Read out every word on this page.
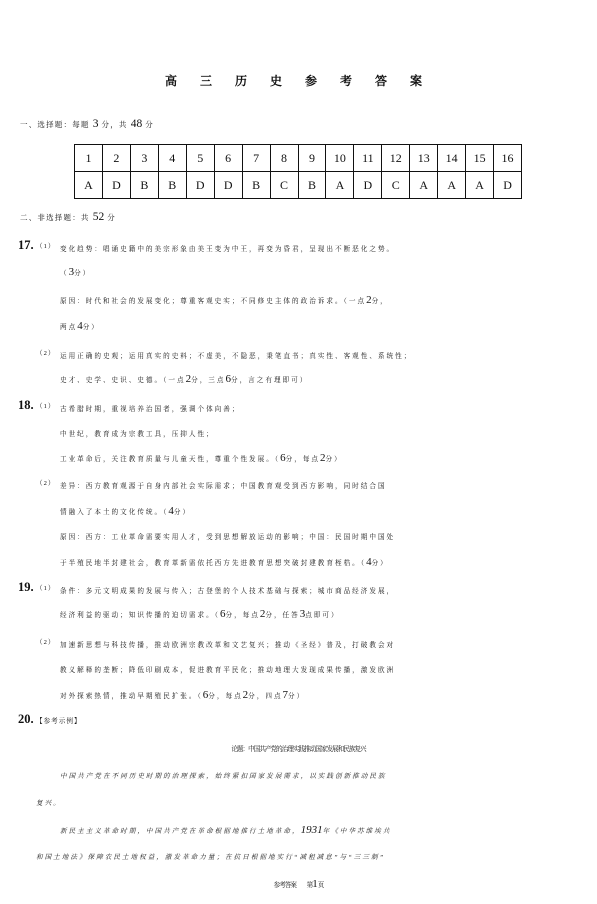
高 三 历 史 参 考 答 案
一、选择题：每题 3 分，共 48 分
1	2	3	4	5	6	7	8	9	10	11	12	13	14	15	16
A	D	B	B	D	D	B	C	B	A	D	C	A	A	A	D
二、非选择题：共 52 分
17. （1） 变化趋势：唱诵史籍中的美宗形象由美王变为中王，再变为昏君，呈现出不断恶化之势。
（3分）
原因：时代和社会的发展变化；尊重客观史实；不同修史主体的政治诉求。（一点2分，
两点4分）
（2） 运用正确的史观；运用真实的史料；不虚美，不隐恶，秉笔直书；真实性、客观性、系统性；
史才、史学、史识、史德。（一点2分，三点6分，言之有理即可）
18. （1） 古希腊时期，重视培养治国者，强调个体向善；
中世纪，教育成为宗教工具，压抑人性；
工业革命后，关注教育质量与儿童天性，尊重个性发展。（6分，每点2分）
（2） 差异：西方教育观源于自身内部社会实际需求；中国教育观受到西方影响，同时结合国
情融入了本土的文化传统。（4分）
原因：西方：工业革命需要实用人才，受到思想解放运动的影响；中国：民国时期中国处
于半殖民地半封建社会，教育革新需依托西方先进教育思想突破封建教育桎梏。（4分）
19. （1） 条件：多元文明成果的发展与传入；古登堡的个人技术基础与探索；城市商品经济发展，
经济利益的驱动；知识传播的迫切需求。（6分，每点2分，任答3点即可）
（2） 加速新思想与科技传播，推动欧洲宗教改革和文艺复兴；推动《圣经》普及，打破教会对
教义解释的垄断；降低印刷成本，促进教育平民化；推动地理大发现成果传播，激发欧洲
对外探索热情，推动早期殖民扩张。（6分，每点2分，四点7分）
20. 【参考示例】
论题：中国共产党的治理实践推动国家发展和民族复兴
中国共产党在不同历史时期的治理探索，始终紧扣国家发展需求，以实践创新推动民族
复兴。
新民主主义革命时期，中国共产党在革命根据地推行土地革命，1931年《中华苏维埃共
和国土地法》保障农民土地权益，激发革命力量；在抗日根据地实行“减租减息”与“三三制”
参考答案 第1页
